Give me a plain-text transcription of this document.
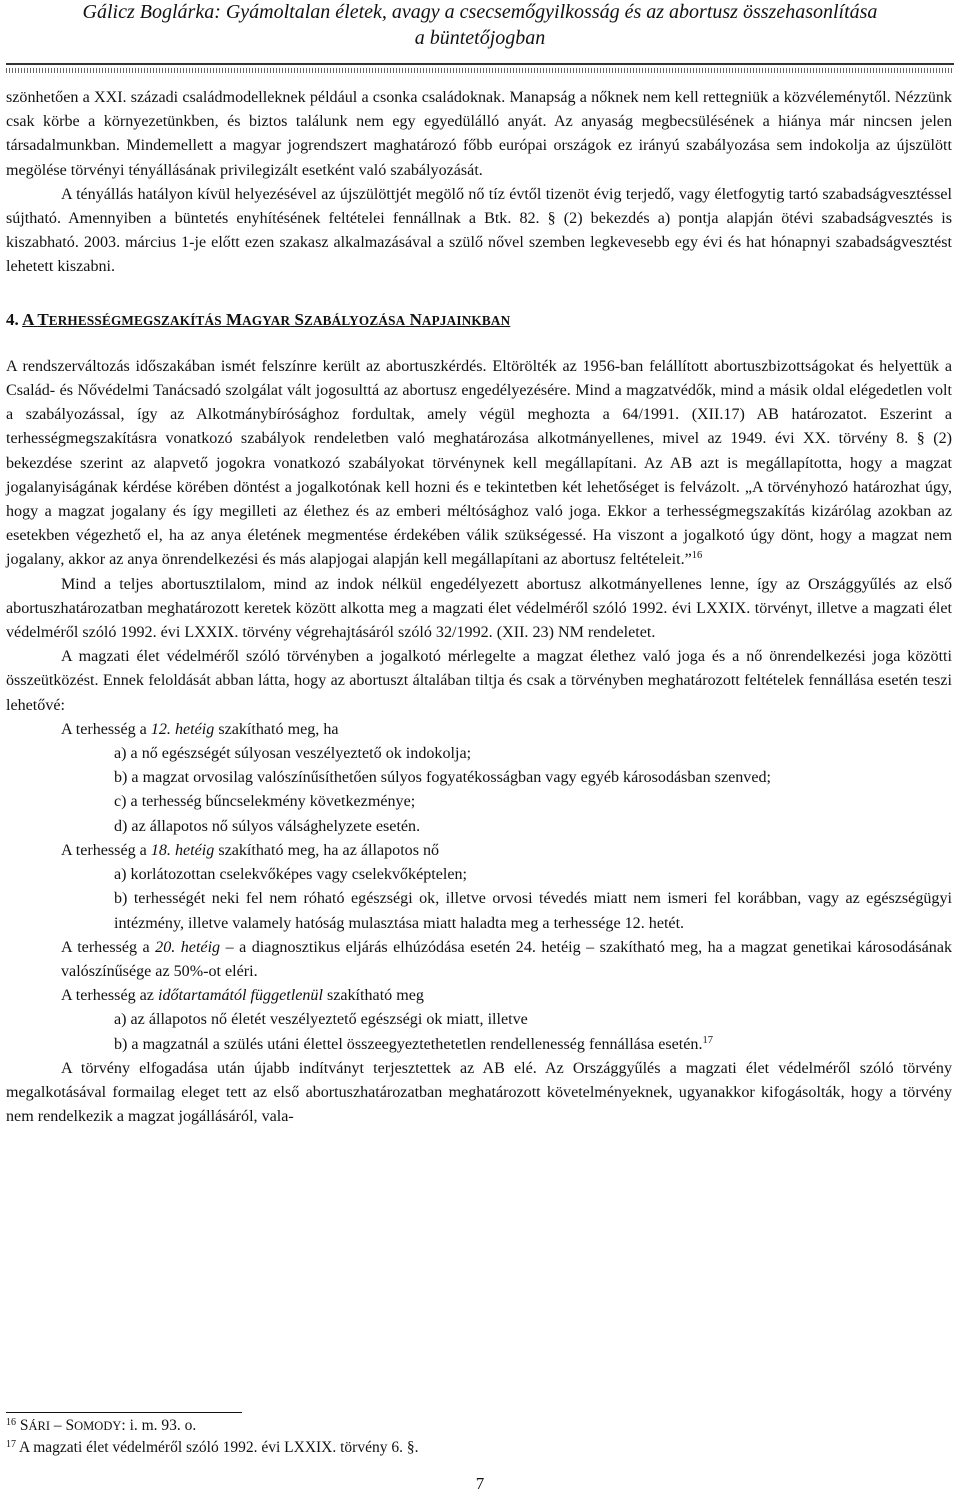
Gálicz Boglárka: Gyámoltalan életek, avagy a csecsemőgyilkosság és az abortusz összehasonlítása
a büntetőjogban

szönhetően a XXI. századi családmodelleknek például a csonka családoknak. Manapság a nőknek nem kell rettegniük a közvéleménytől. Nézzünk csak körbe a környezetünkben, és biztos találunk nem egy egyedülálló anyát. Az anyaság megbecsülésének a hiánya már nincsen jelen társadalmunkban. Mindemellett a magyar jogrendszert maghatározó főbb európai országok ez irányú szabályozása sem indokolja az újszülött megölése törvényi tényállásának privilegizált esetként való szabályozását.

A tényállás hatályon kívül helyezésével az újszülöttjét megölő nő tíz évtől tizenöt évig terjedő, vagy életfogytig tartó szabadságvesztéssel sújtható. Amennyiben a büntetés enyhítésének feltételei fennállnak a Btk. 82. § (2) bekezdés a) pontja alapján ötévi szabadságvesztés is kiszabható. 2003. március 1-je előtt ezen szakasz alkalmazásával a szülő nővel szemben legkevesebb egy évi és hat hónapnyi szabadságvesztést lehetett kiszabni.

4. A TERHESSÉGMEGSZAKÍTÁS MAGYAR SZABÁLYOZÁSA NAPJAINKBAN

A rendszerváltozás időszakában ismét felszínre került az abortuszkérdés. Eltörölték az 1956-ban felállított abortuszbizottságokat és helyettük a Család- és Nővédelmi Tanácsadó szolgálat vált jogosulttá az abortusz engedélyezésére. Mind a magzatvédők, mind a másik oldal elégedetlen volt a szabályozással, így az Alkotmánybírósághoz fordultak, amely végül meghozta a 64/1991. (XII.17) AB határozatot. Eszerint a terhességmegszakításra vonatkozó szabályok rendeletben való meghatározása alkotmányellenes, mivel az 1949. évi XX. törvény 8. § (2) bekezdése szerint az alapvető jogokra vonatkozó szabályokat törvénynek kell megállapítani. Az AB azt is megállapította, hogy a magzat jogalanyiságának kérdése körében döntést a jogalkotónak kell hozni és e tekintetben két lehetőséget is felvázolt. „A törvényhozó határozhat úgy, hogy a magzat jogalany és így megilleti az élethez és az emberi méltósághoz való joga. Ekkor a terhességmegszakítás kizárólag azokban az esetekben végezhető el, ha az anya életének megmentése érdekében válik szükségessé. Ha viszont a jogalkotó úgy dönt, hogy a magzat nem jogalany, akkor az anya önrendelkezési és más alapjogai alapján kell megállapítani az abortusz feltételeit.”$^{16}$

Mind a teljes abortusztilalom, mind az indok nélkül engedélyezett abortusz alkotmányellenes lenne, így az Országgyűlés az első abortuszhatározatban meghatározott keretek között alkotta meg a magzati élet védelméről szóló 1992. évi LXXIX. törvényt, illetve a magzati élet védelméről szóló 1992. évi LXXIX. törvény végrehajtásáról szóló 32/1992. (XII. 23) NM rendeletet.

A magzati élet védelméről szóló törvényben a jogalkotó mérlegelte a magzat élethez való joga és a nő önrendelkezési joga közötti összeütközést. Ennek feloldását abban látta, hogy az abortuszt általában tiltja és csak a törvényben meghatározott feltételek fennállása esetén teszi lehetővé:

A terhesség a 12. hetéig szakítható meg, ha

a) a nő egészségét súlyosan veszélyeztető ok indokolja;

b) a magzat orvosilag valószínűsíthetően súlyos fogyatékosságban vagy egyéb károsodásban szenved;

c) a terhesség bűncselekmény következménye;

d) az állapotos nő súlyos válsághelyzete esetén.

A terhesség a 18. hetéig szakítható meg, ha az állapotos nő

a) korlátozottan cselekvőképes vagy cselekvőképtelen;

b) terhességét neki fel nem róható egészségi ok, illetve orvosi tévedés miatt nem ismeri fel korábban, vagy az egészségügyi intézmény, illetve valamely hatóság mulasztása miatt haladta meg a terhessége 12. hetét.

A terhesség a 20. hetéig – a diagnosztikus eljárás elhúzódása esetén 24. hetéig – szakítható meg, ha a magzat genetikai károsodásának valószínűsége az 50%-ot eléri.

A terhesség az időtartamától függetlenül szakítható meg

a) az állapotos nő életét veszélyeztető egészségi ok miatt, illetve

b) a magzatnál a szülés utáni élettel összeegyeztethetetlen rendellenesség fennállása esetén.$^{17}$

A törvény elfogadása után újabb indítványt terjesztettek az AB elé. Az Országgyűlés a magzati élet védelméről szóló törvény megalkotásával formailag eleget tett az első abortuszhatározatban meghatározott követelményeknek, ugyanakkor kifogásolták, hogy a törvény nem rendelkezik a magzat jogállásáról, vala-

$^{16}$ SÁRI – SOMODY: i. m. 93. o.
$^{17}$ A magzati élet védelméről szóló 1992. évi LXXIX. törvény 6. §.
7
